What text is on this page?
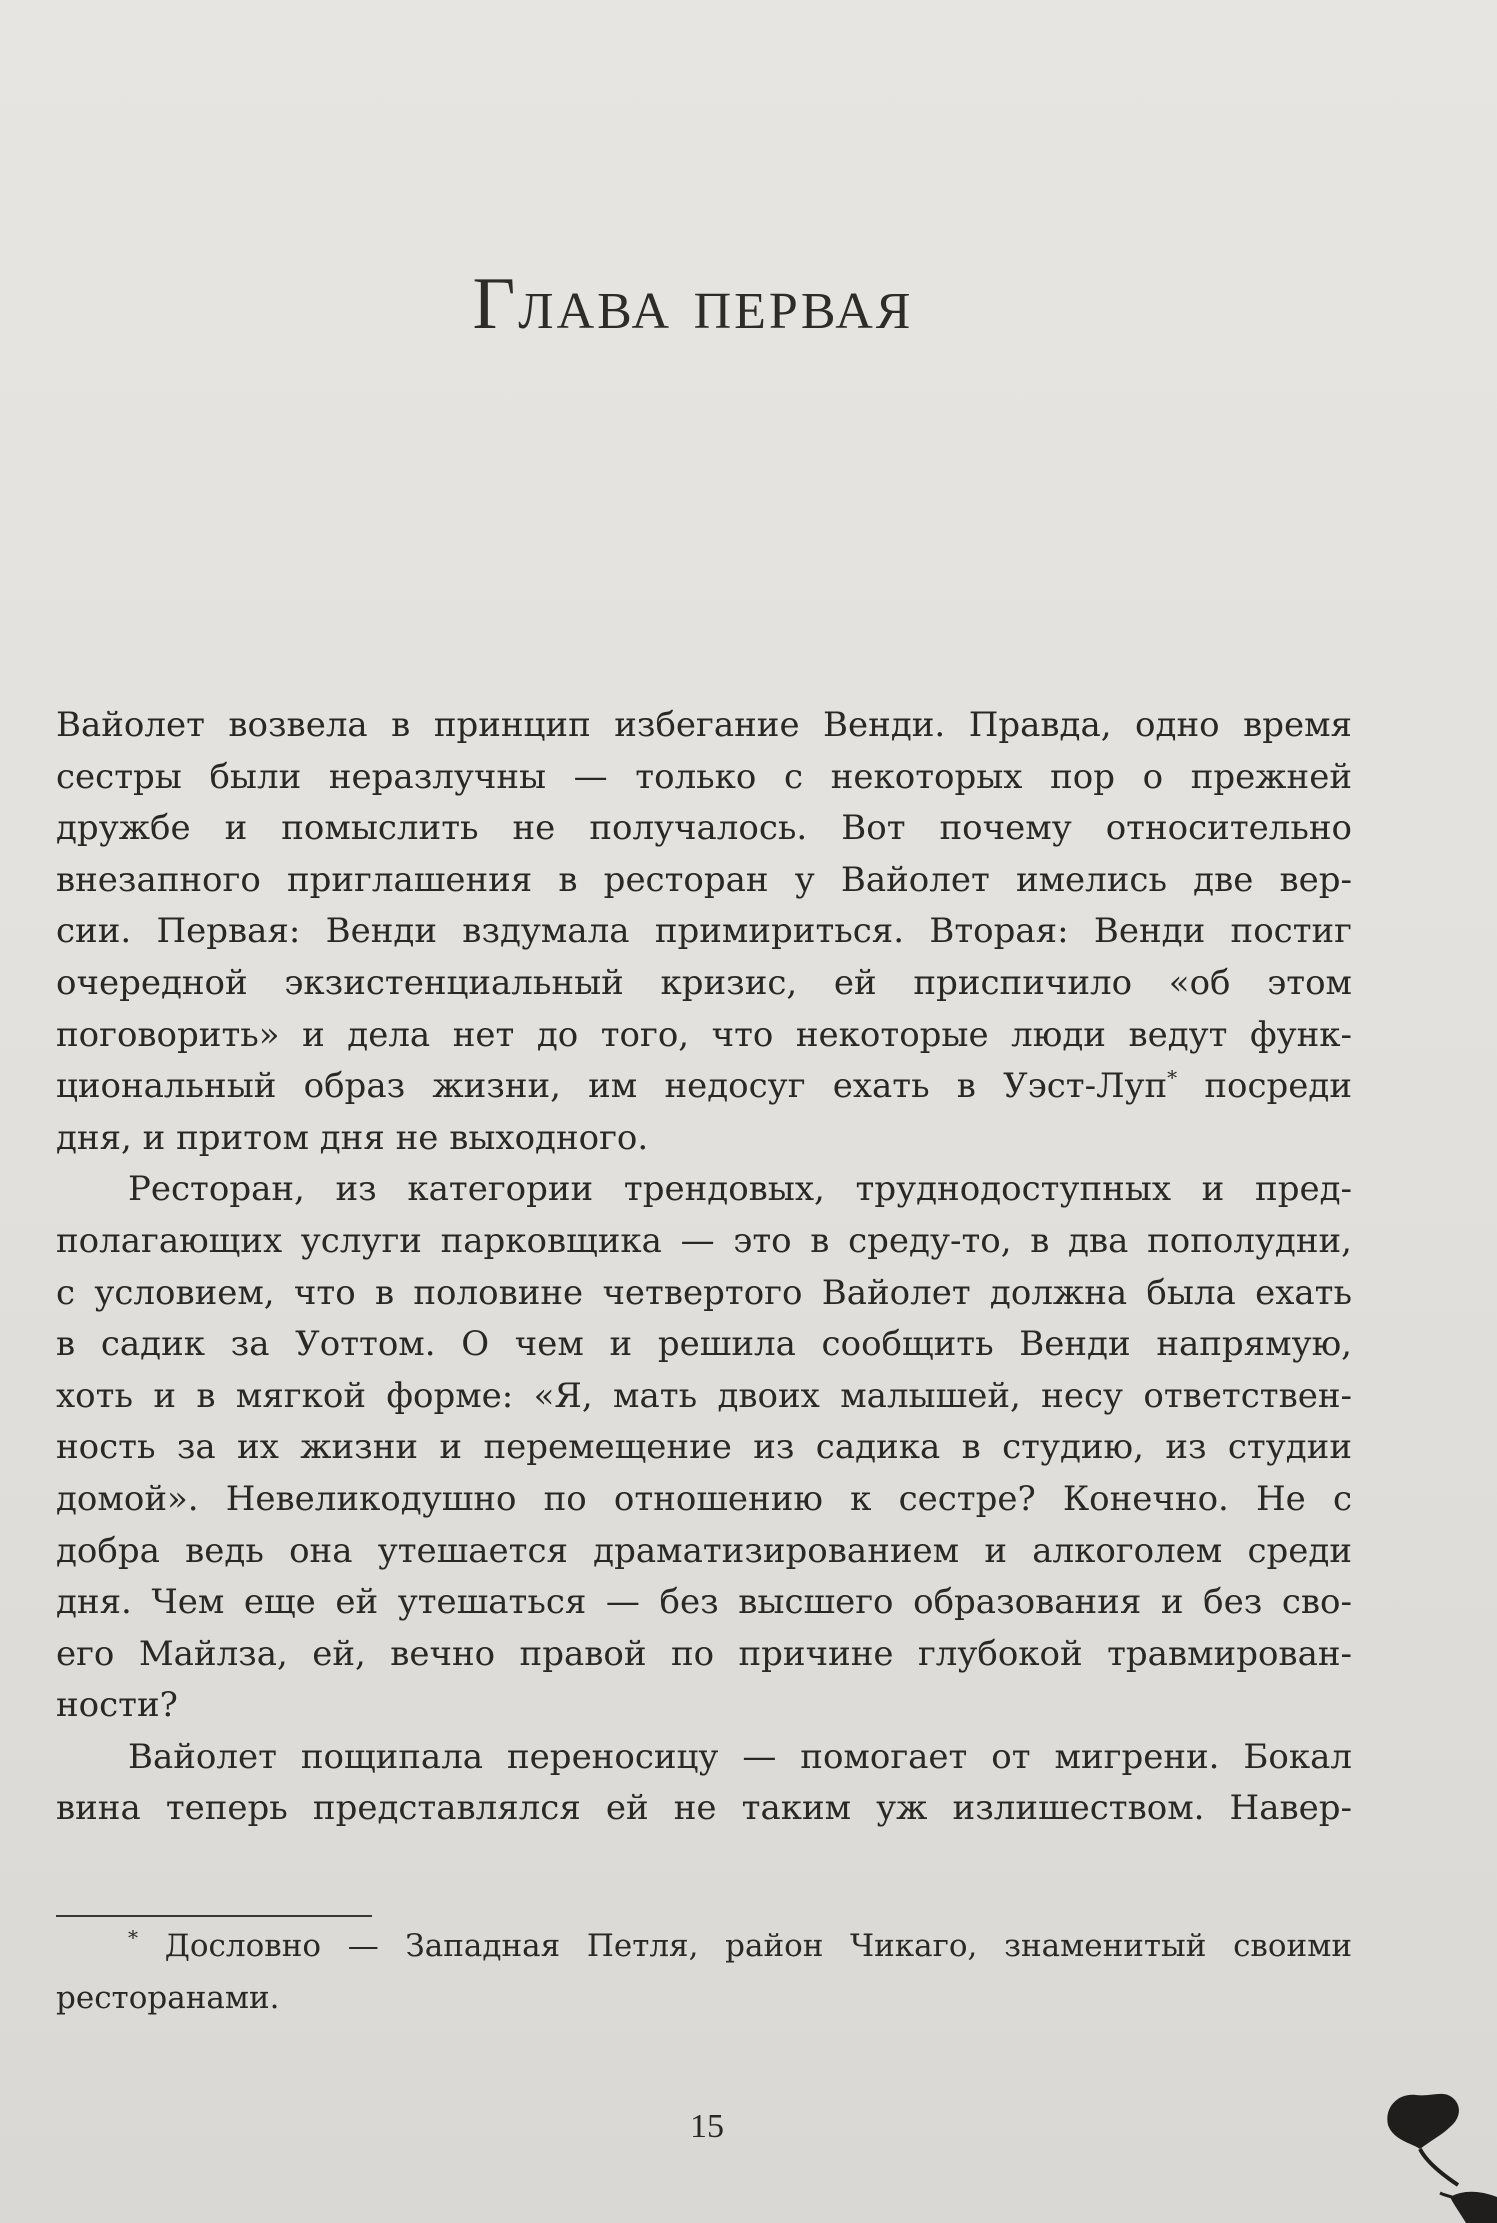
Глава первая

Вайолет возвела в принцип избегание Венди. Правда, одно время
сестры были неразлучны — только с некоторых пор о прежней
дружбе и помыслить не получалось. Вот почему относительно
внезапного приглашения в ресторан у Вайолет имелись две вер-
сии. Первая: Венди вздумала примириться. Вторая: Венди постиг
очередной экзистенциальный кризис, ей приспичило «об этом
поговорить» и дела нет до того, что некоторые люди ведут функ-
циональный образ жизни, им недосуг ехать в Уэст-Луп* посреди
дня, и притом дня не выходного.

Ресторан, из категории трендовых, труднодоступных и пред-
полагающих услуги парковщика — это в среду-то, в два пополудни,
с условием, что в половине четвертого Вайолет должна была ехать
в садик за Уоттом. О чем и решила сообщить Венди напрямую,
хоть и в мягкой форме: «Я, мать двоих малышей, несу ответствен-
ность за их жизни и перемещение из садика в студию, из студии
домой». Невеликодушно по отношению к сестре? Конечно. Не с
добра ведь она утешается драматизированием и алкоголем среди
дня. Чем еще ей утешаться — без высшего образования и без сво-
его Майлза, ей, вечно правой по причине глубокой травмирован-
ности?

Вайолет пощипала переносицу — помогает от мигрени. Бокал
вина теперь представлялся ей не таким уж излишеством. Навер-

* Дословно — Западная Петля, район Чикаго, знаменитый своими
ресторанами.
15
